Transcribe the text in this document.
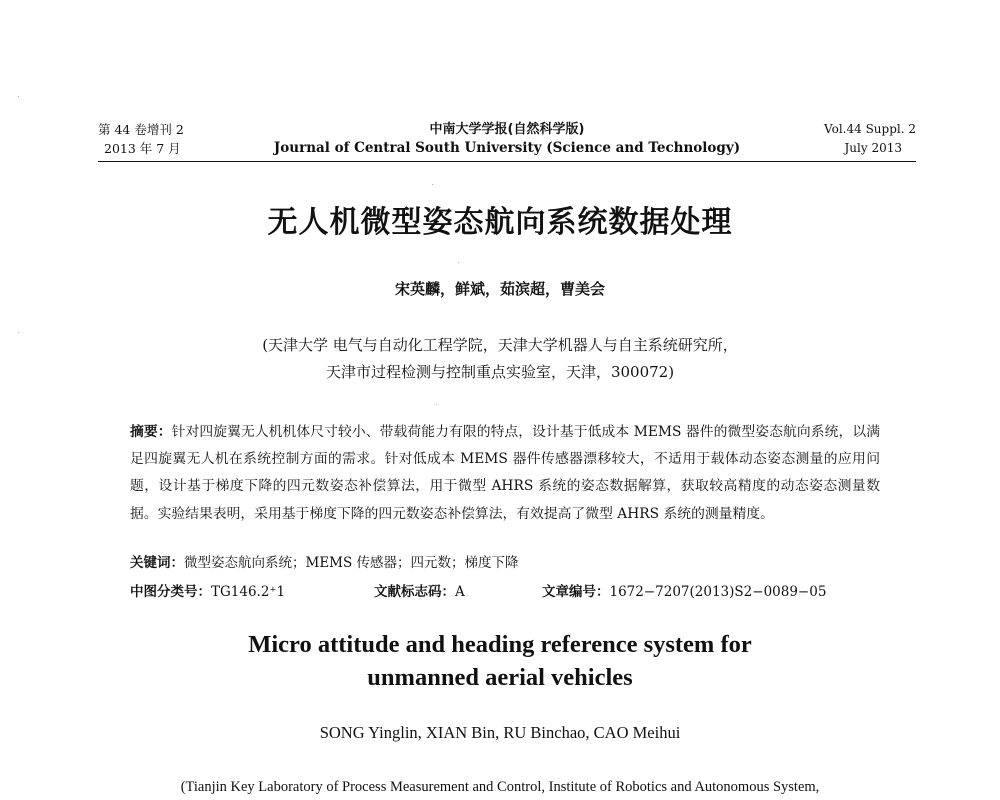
第 44 卷增刊 2
2013 年 7 月
中南大学学报(自然科学版)
Journal of Central South University (Science and Technology)
Vol.44 Suppl. 2
July 2013
无人机微型姿态航向系统数据处理
宋英麟，鲜斌，茹滨超，曹美会
(天津大学 电气与自动化工程学院，天津大学机器人与自主系统研究所，
天津市过程检测与控制重点实验室，天津，300072)
摘要：针对四旋翼无人机机体尺寸较小、带载荷能力有限的特点，设计基于低成本 MEMS 器件的微型姿态航向系统，以满足四旋翼无人机在系统控制方面的需求。针对低成本 MEMS 器件传感器漂移较大，不适用于载体动态姿态测量的应用问题，设计基于梯度下降的四元数姿态补偿算法，用于微型 AHRS 系统的姿态数据解算，获取较高精度的动态姿态测量数据。实验结果表明，采用基于梯度下降的四元数姿态补偿算法，有效提高了微型 AHRS 系统的测量精度。
关键词：微型姿态航向系统；MEMS 传感器；四元数；梯度下降
中图分类号：TG146.2⁺1	文献标志码：A	文章编号：1672−7207(2013)S2−0089−05
Micro attitude and heading reference system for
unmanned aerial vehicles
SONG Yinglin, XIAN Bin, RU Binchao, CAO Meihui
(Tianjin Key Laboratory of Process Measurement and Control, Institute of Robotics and Autonomous System,
